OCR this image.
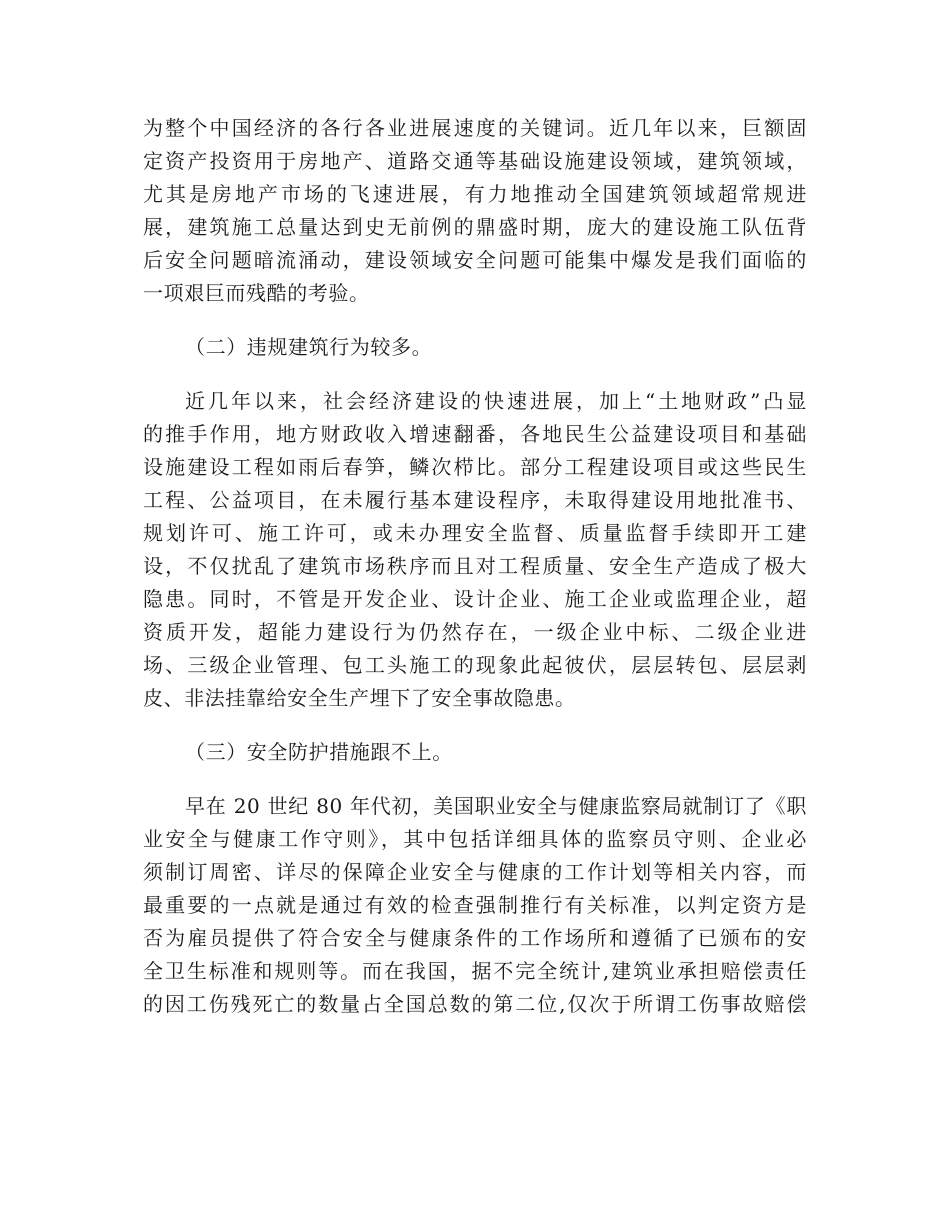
为整个中国经济的各行各业进展速度的关键词。近几年以来，巨额固
定资产投资用于房地产、道路交通等基础设施建设领域，建筑领域，
尤其是房地产市场的飞速进展，有力地推动全国建筑领域超常规进
展，建筑施工总量达到史无前例的鼎盛时期，庞大的建设施工队伍背
后安全问题暗流涌动，建设领域安全问题可能集中爆发是我们面临的
一项艰巨而残酷的考验。
（二）违规建筑行为较多。
近几年以来，社会经济建设的快速进展，加上“土地财政”凸显
的推手作用，地方财政收入增速翻番，各地民生公益建设项目和基础
设施建设工程如雨后春笋，鳞次栉比。部分工程建设项目或这些民生
工程、公益项目，在未履行基本建设程序，未取得建设用地批准书、
规划许可、施工许可，或未办理安全监督、质量监督手续即开工建
设，不仅扰乱了建筑市场秩序而且对工程质量、安全生产造成了极大
隐患。同时，不管是开发企业、设计企业、施工企业或监理企业，超
资质开发，超能力建设行为仍然存在，一级企业中标、二级企业进
场、三级企业管理、包工头施工的现象此起彼伏，层层转包、层层剥
皮、非法挂靠给安全生产埋下了安全事故隐患。
（三）安全防护措施跟不上。
早在 20 世纪 80 年代初，美国职业安全与健康监察局就制订了《职
业安全与健康工作守则》，其中包括详细具体的监察员守则、企业必
须制订周密、详尽的保障企业安全与健康的工作计划等相关内容，而
最重要的一点就是通过有效的检查强制推行有关标准，以判定资方是
否为雇员提供了符合安全与健康条件的工作场所和遵循了已颁布的安
全卫生标准和规则等。而在我国，据不完全统计,建筑业承担赔偿责任
的因工伤残死亡的数量占全国总数的第二位,仅次于所谓工伤事故赔偿
